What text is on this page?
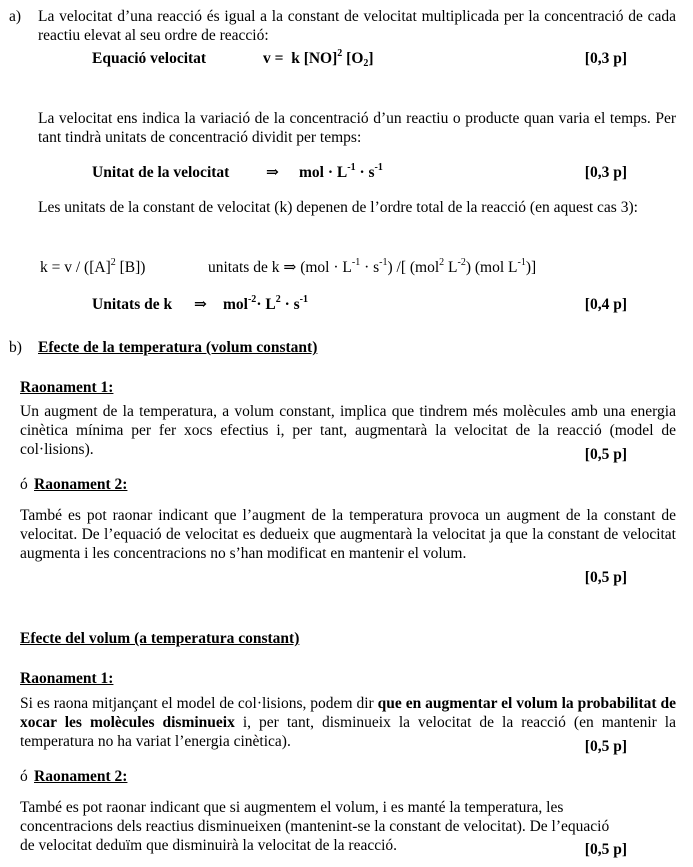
a) La velocitat d’una reacció és igual a la constant de velocitat multiplicada per la concentració de cada reactiu elevat al seu ordre de reacció:
Equació velocitat	v =  k [NO]$^2$ $[O_2]$	[0,3 p]
La velocitat ens indica la variació de la concentració d’un reactiu o producte quan varia el temps. Per tant tindrà unitats de concentració dividit per temps:
Unitat de la velocitat ⇒ mol · $L^{-1} \cdot s^{-1}$	[0,3 p]
Les unitats de la constant de velocitat (k) depenen de l’ordre total de la reacció (en aquest cas 3):
$k = v / ([A]^2$ [B])	unitats de k ⇒ $(mol \cdot L^{-1} \cdot s^{-1})$ /[ (mol$^2$ $L^{-2}$) (mol $L^{-1}$)]
Unitats de k ⇒ $mol^{-2}\cdot L^2 \cdot s^{-1}$	[0,4 p]
b) Efecte de la temperatura (volum constant)
Raonament 1:
Un augment de la temperatura, a volum constant, implica que tindrem més molècules amb una energia cinètica mínima per fer xocs efectius i, per tant, augmentarà la velocitat de la reacció (model de col·lisions).	[0,5 p]
ó Raonament 2:
També es pot raonar indicant que l’augment de la temperatura provoca un augment de la constant de velocitat. De l’equació de velocitat es dedueix que augmentarà la velocitat ja que la constant de velocitat augmenta i les concentracions no s’han modificat en mantenir el volum.
[0,5 p]
Efecte del volum (a temperatura constant)
Raonament 1:
Si es raona mitjançant el model de col·lisions, podem dir que en augmentar el volum la probabilitat de xocar les molècules disminueix i, per tant, disminueix la velocitat de la reacció (en mantenir la temperatura no ha variat l’energia cinètica).	[0,5 p]
ó Raonament 2:
També es pot raonar indicant que si augmentem el volum, i es manté la temperatura, les concentracions dels reactius disminueixen (mantenint-se la constant de velocitat). De l’equació de velocitat deduïm que disminuirà la velocitat de la reacció.	[0,5 p]
